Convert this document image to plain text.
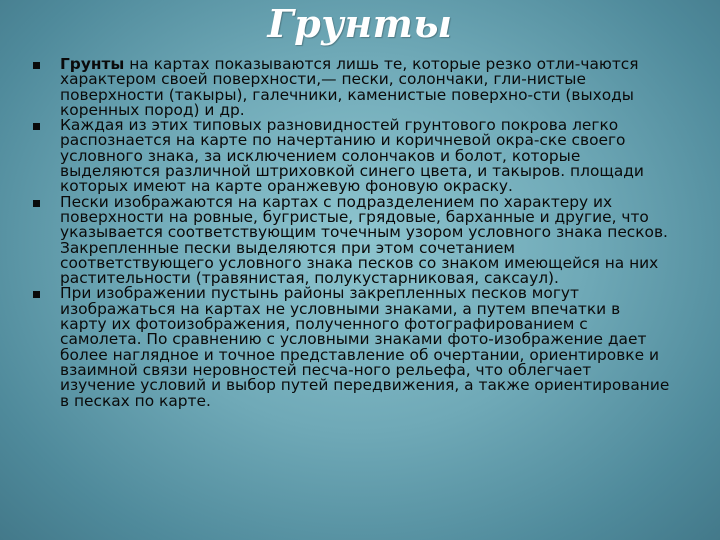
Грунты
Грунты на картах показываются лишь те, которые резко отли-чаются характером своей поверхности,— пески, солончаки, гли-нистые поверхности (такыры), галечники, каменистые поверхно-сти (выходы коренных пород) и др.
Каждая из этих типовых разновидностей грунтового покрова легко распознается на карте по начертанию и коричневой окра-ске своего условного знака, за исключением солончаков и болот, которые выделяются различной штриховкой синего цвета, и такыров. площади которых имеют на карте оранжевую фоновую окраску.
Пески изображаются на картах с подразделением по характеру их поверхности на ровные, бугристые, грядовые, барханные и другие, что указывается соответствующим точечным узором условного знака песков. Закрепленные пески выделяются при этом сочетанием соответствующего условного знака песков со знаком имеющейся на них растительности (травянистая, полукустарниковая, саксаул).
При изображении пустынь районы закрепленных песков могут изображаться на картах не условными знаками, а путем впечатки в карту их фотоизображения, полученного фотографированием с самолета. По сравнению с условными знаками фото-изображение дает более наглядное и точное представление об очертании, ориентировке и взаимной связи неровностей песча-ного рельефа, что облегчает изучение условий и выбор путей передвижения, а также ориентирование в песках по карте.
